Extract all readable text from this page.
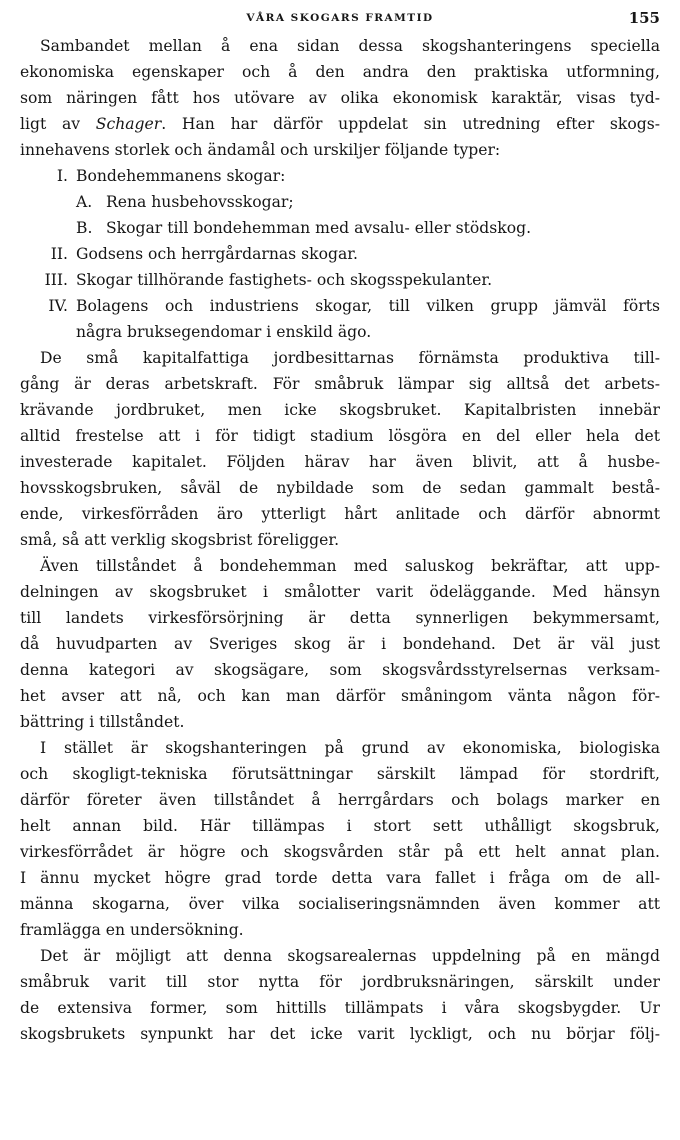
VÅRA SKOGARS FRAMTID	155
Sambandet mellan å ena sidan dessa skogshanteringens speciella
ekonomiska egenskaper och å den andra den praktiska utformning,
som näringen fått hos utövare av olika ekonomisk karaktär, visas tyd-
ligt av Schager. Han har därför uppdelat sin utredning efter skogs-
innehavens storlek och ändamål och urskiljer följande typer:
I. Bondehemmanens skogar:
A. Rena husbehovsskogar;
B. Skogar till bondehemman med avsalu- eller stödskog.
II. Godsens och herrgårdarnas skogar.
III. Skogar tillhörande fastighets- och skogsspekulanter.
IV. Bolagens och industriens skogar, till vilken grupp jämväl förts
några bruksegendomar i enskild ägo.
De små kapitalfattiga jordbesittarnas förnämsta produktiva till-
gång är deras arbetskraft. För småbruk lämpar sig alltså det arbets-
krävande jordbruket, men icke skogsbruket. Kapitalbristen innebär
alltid frestelse att i för tidigt stadium lösgöra en del eller hela det
investerade kapitalet. Följden härav har även blivit, att å husbe-
hovsskogsbruken, såväl de nybildade som de sedan gammalt bestå-
ende, virkesförråden äro ytterligt hårt anlitade och därför abnormt
små, så att verklig skogsbrist föreligger.
Även tillståndet å bondehemman med saluskog bekräftar, att upp-
delningen av skogsbruket i smålotter varit ödeläggande. Med hänsyn
till landets virkesförsörjning är detta synnerligen bekymmersamt,
då huvudparten av Sveriges skog är i bondehand. Det är väl just
denna kategori av skogsägare, som skogsvårdsstyrelsernas verksam-
het avser att nå, och kan man därför småningom vänta någon för-
bättring i tillståndet.
I stället är skogshanteringen på grund av ekonomiska, biologiska
och skogligt-tekniska förutsättningar särskilt lämpad för stordrift,
därför företer även tillståndet å herrgårdars och bolags marker en
helt annan bild. Här tillämpas i stort sett uthålligt skogsbruk,
virkesförrådet är högre och skogsvården står på ett helt annat plan.
I ännu mycket högre grad torde detta vara fallet i fråga om de all-
männa skogarna, över vilka socialiseringsnämnden även kommer att
framlägga en undersökning.
Det är möjligt att denna skogsarealernas uppdelning på en mängd
småbruk varit till stor nytta för jordbruksnäringen, särskilt under
de extensiva former, som hittills tillämpats i våra skogsbygder. Ur
skogsbrukets synpunkt har det icke varit lyckligt, och nu börjar följ-
